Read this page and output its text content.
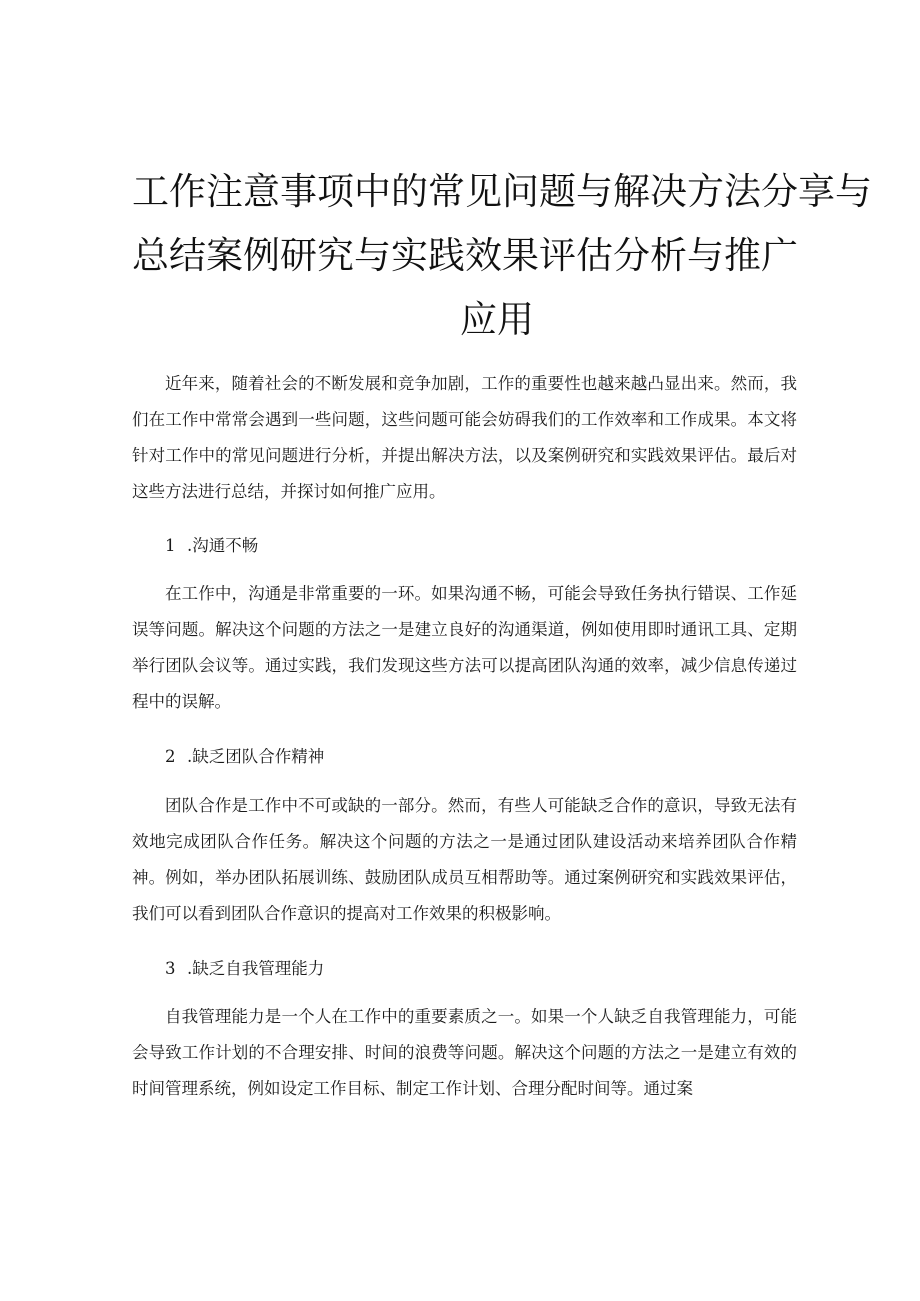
工作注意事项中的常见问题与解决方法分享与
总结案例研究与实践效果评估分析与推广
应用

近年来，随着社会的不断发展和竞争加剧，工作的重要性也越来越凸显出来。然而，我们在工作中常常会遇到一些问题，这些问题可能会妨碍我们的工作效率和工作成果。本文将针对工作中的常见问题进行分析，并提出解决方法，以及案例研究和实践效果评估。最后对这些方法进行总结，并探讨如何推广应用。

1 .沟通不畅

在工作中，沟通是非常重要的一环。如果沟通不畅，可能会导致任务执行错误、工作延误等问题。解决这个问题的方法之一是建立良好的沟通渠道，例如使用即时通讯工具、定期举行团队会议等。通过实践，我们发现这些方法可以提高团队沟通的效率，减少信息传递过程中的误解。

2 .缺乏团队合作精神

团队合作是工作中不可或缺的一部分。然而，有些人可能缺乏合作的意识，导致无法有效地完成团队合作任务。解决这个问题的方法之一是通过团队建设活动来培养团队合作精神。例如，举办团队拓展训练、鼓励团队成员互相帮助等。通过案例研究和实践效果评估，我们可以看到团队合作意识的提高对工作效果的积极影响。

3 .缺乏自我管理能力

自我管理能力是一个人在工作中的重要素质之一。如果一个人缺乏自我管理能力，可能会导致工作计划的不合理安排、时间的浪费等问题。解决这个问题的方法之一是建立有效的时间管理系统，例如设定工作目标、制定工作计划、合理分配时间等。通过案
